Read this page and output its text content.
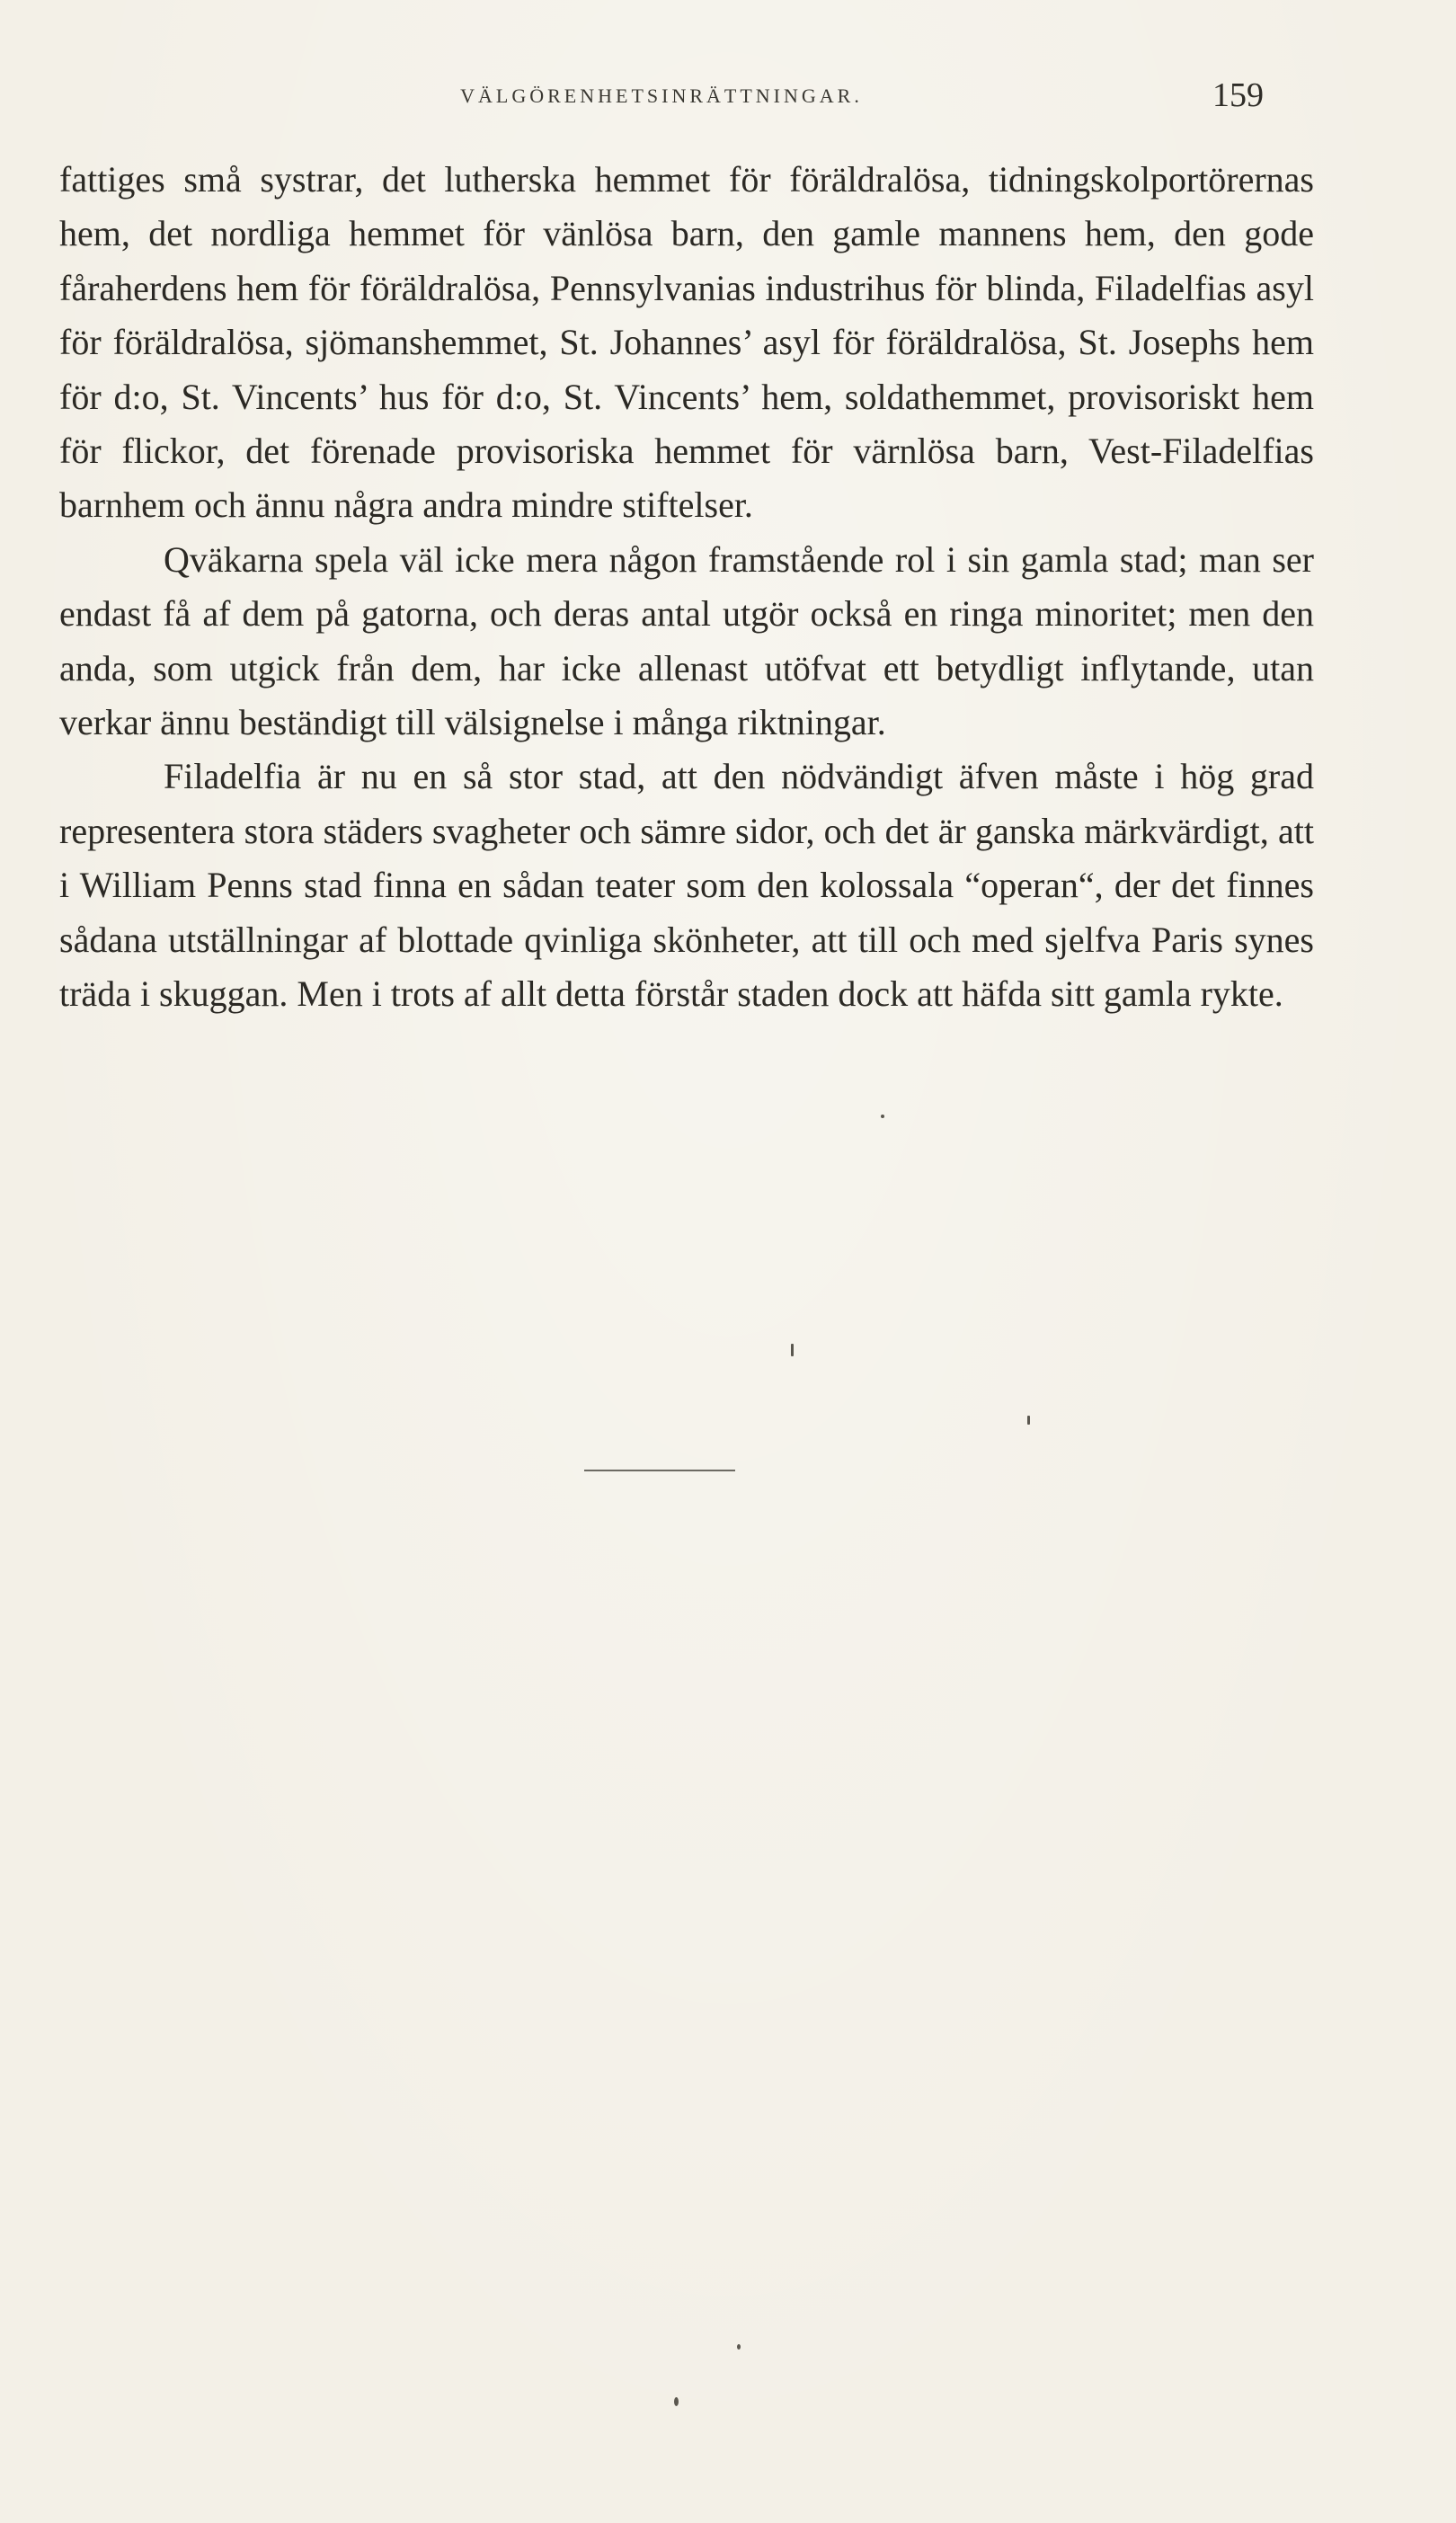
VÄLGÖRENHETSINRÄTTNINGAR.	159

fattiges små systrar, det lutherska hemmet för föräldralösa, tidningskolportörernas hem, det nordliga hemmet för vänlösa barn, den gamle mannens hem, den gode fåraherdens hem för föräldralösa, Pennsylvanias industrihus för blinda, Filadelfias asyl för föräldralösa, sjömanshemmet, St. Johannes’ asyl för föräldralösa, St. Josephs hem för d:o, St. Vincents’ hus för d:o, St. Vincents’ hem, soldathemmet, provisoriskt hem för flickor, det förenade provisoriska hemmet för värnlösa barn, Vest-Filadelfias barnhem och ännu några andra mindre stiftelser.

Qväkarna spela väl icke mera någon framstående rol i sin gamla stad; man ser endast få af dem på gatorna, och deras antal utgör också en ringa minoritet; men den anda, som utgick från dem, har icke allenast utöfvat ett betydligt inflytande, utan verkar ännu beständigt till välsignelse i många riktningar.

Filadelfia är nu en så stor stad, att den nödvändigt äfven måste i hög grad representera stora städers svagheter och sämre sidor, och det är ganska märkvärdigt, att i William Penns stad finna en sådan teater som den kolossala “operan“, der det finnes sådana utställningar af blottade qvinliga skönheter, att till och med sjelfva Paris synes träda i skuggan. Men i trots af allt detta förstår staden dock att häfda sitt gamla rykte.
